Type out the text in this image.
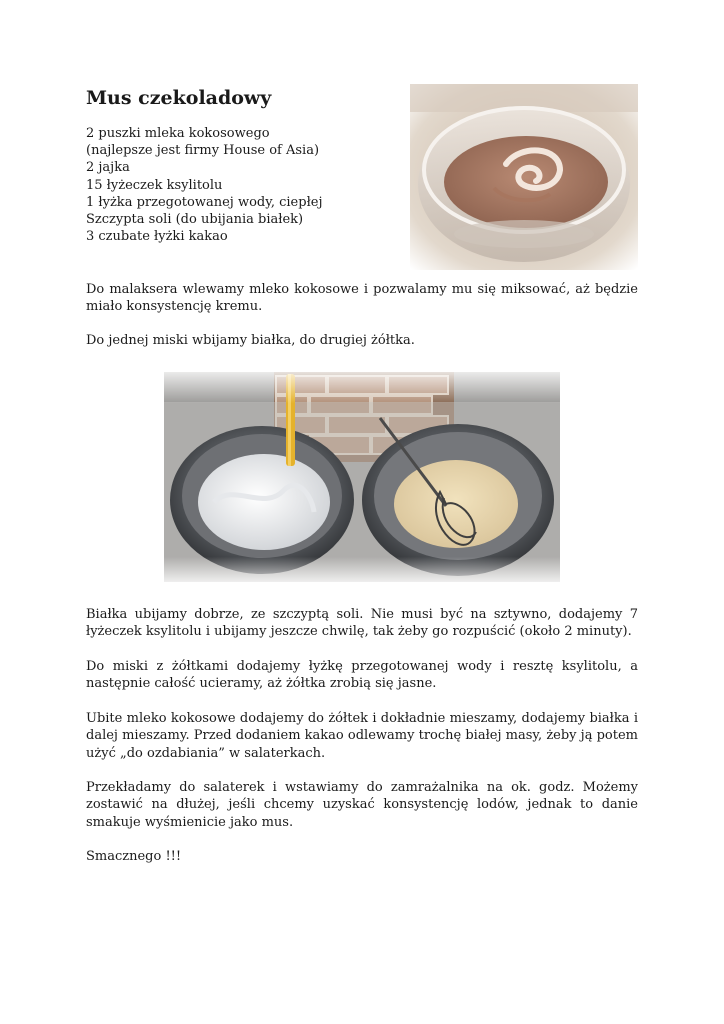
Mus czekoladowy
2 puszki mleka kokosowego
(najlepsze jest firmy House of Asia)
2 jajka
15 łyżeczek ksylitolu
1 łyżka przegotowanej wody, ciepłej
Szczypta soli (do ubijania białek)
3 czubate łyżki kakao

Do malaksera wlewamy mleko kokosowe i pozwalamy mu się miksować, aż będzie miało konsystencję kremu.

Do jednej miski wbijamy białka, do drugiej żółtka.

Białka ubijamy dobrze, ze szczyptą soli. Nie musi być na sztywno, dodajemy 7 łyżeczek ksylitolu i ubijamy jeszcze chwilę, tak żeby go rozpuścić (około 2 minuty).

Do miski z żółtkami dodajemy łyżkę przegotowanej wody i resztę ksylitolu, a następnie całość ucieramy, aż żółtka zrobią się jasne.

Ubite mleko kokosowe dodajemy do żółtek i dokładnie mieszamy, dodajemy białka i dalej mieszamy. Przed dodaniem kakao odlewamy trochę białej masy, żeby ją potem użyć „do ozdabiania” w salaterkach.

Przekładamy do salaterek i wstawiamy do zamrażalnika na ok. godz. Możemy zostawić na dłużej, jeśli chcemy uzyskać konsystencję lodów, jednak to danie smakuje wyśmienicie jako mus.

Smacznego !!!
